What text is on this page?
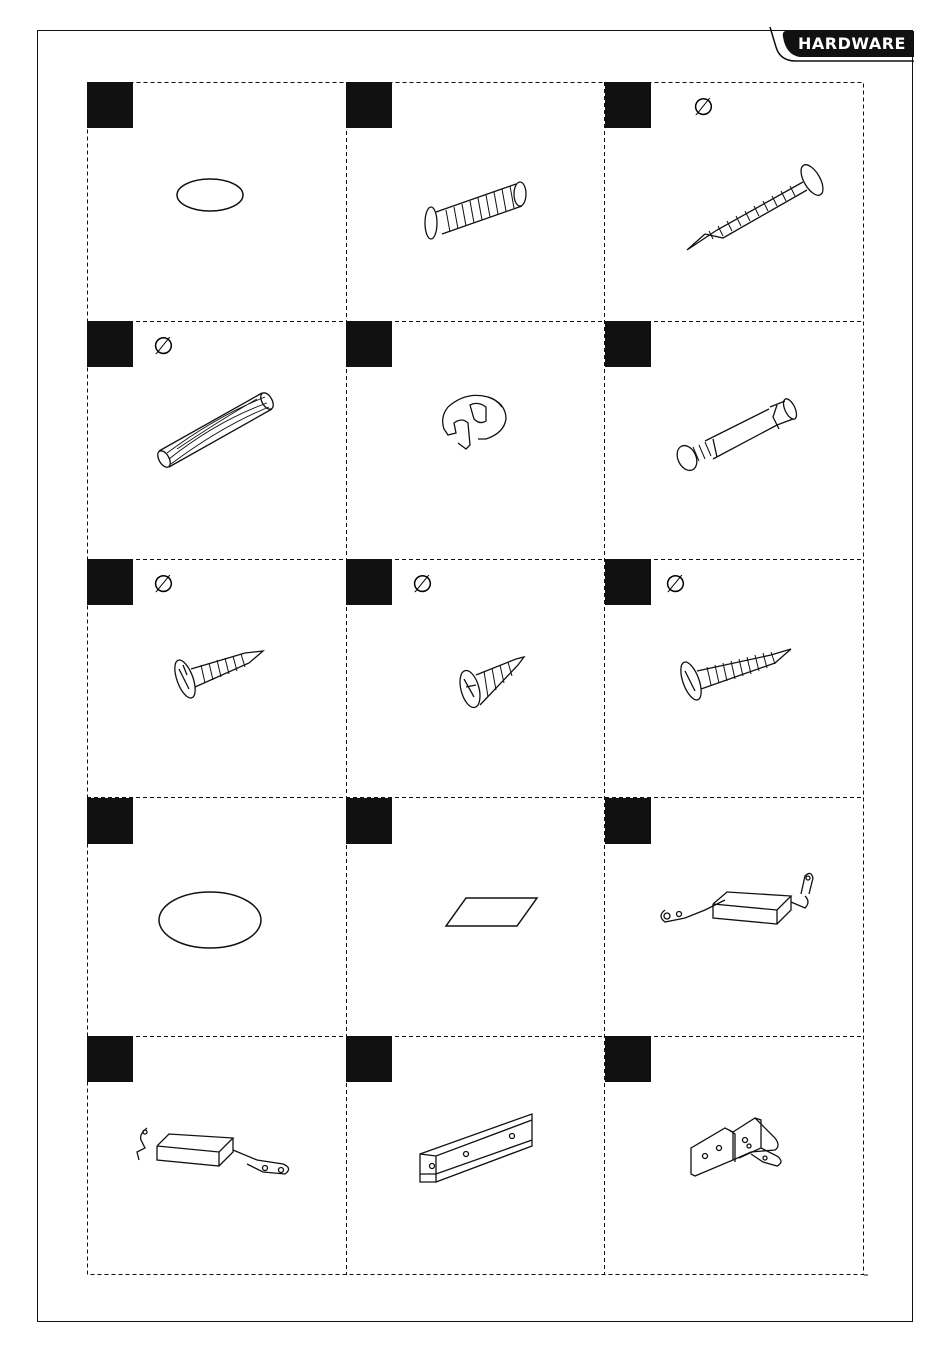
HARDWARE
∅
∅
∅	∅	∅
